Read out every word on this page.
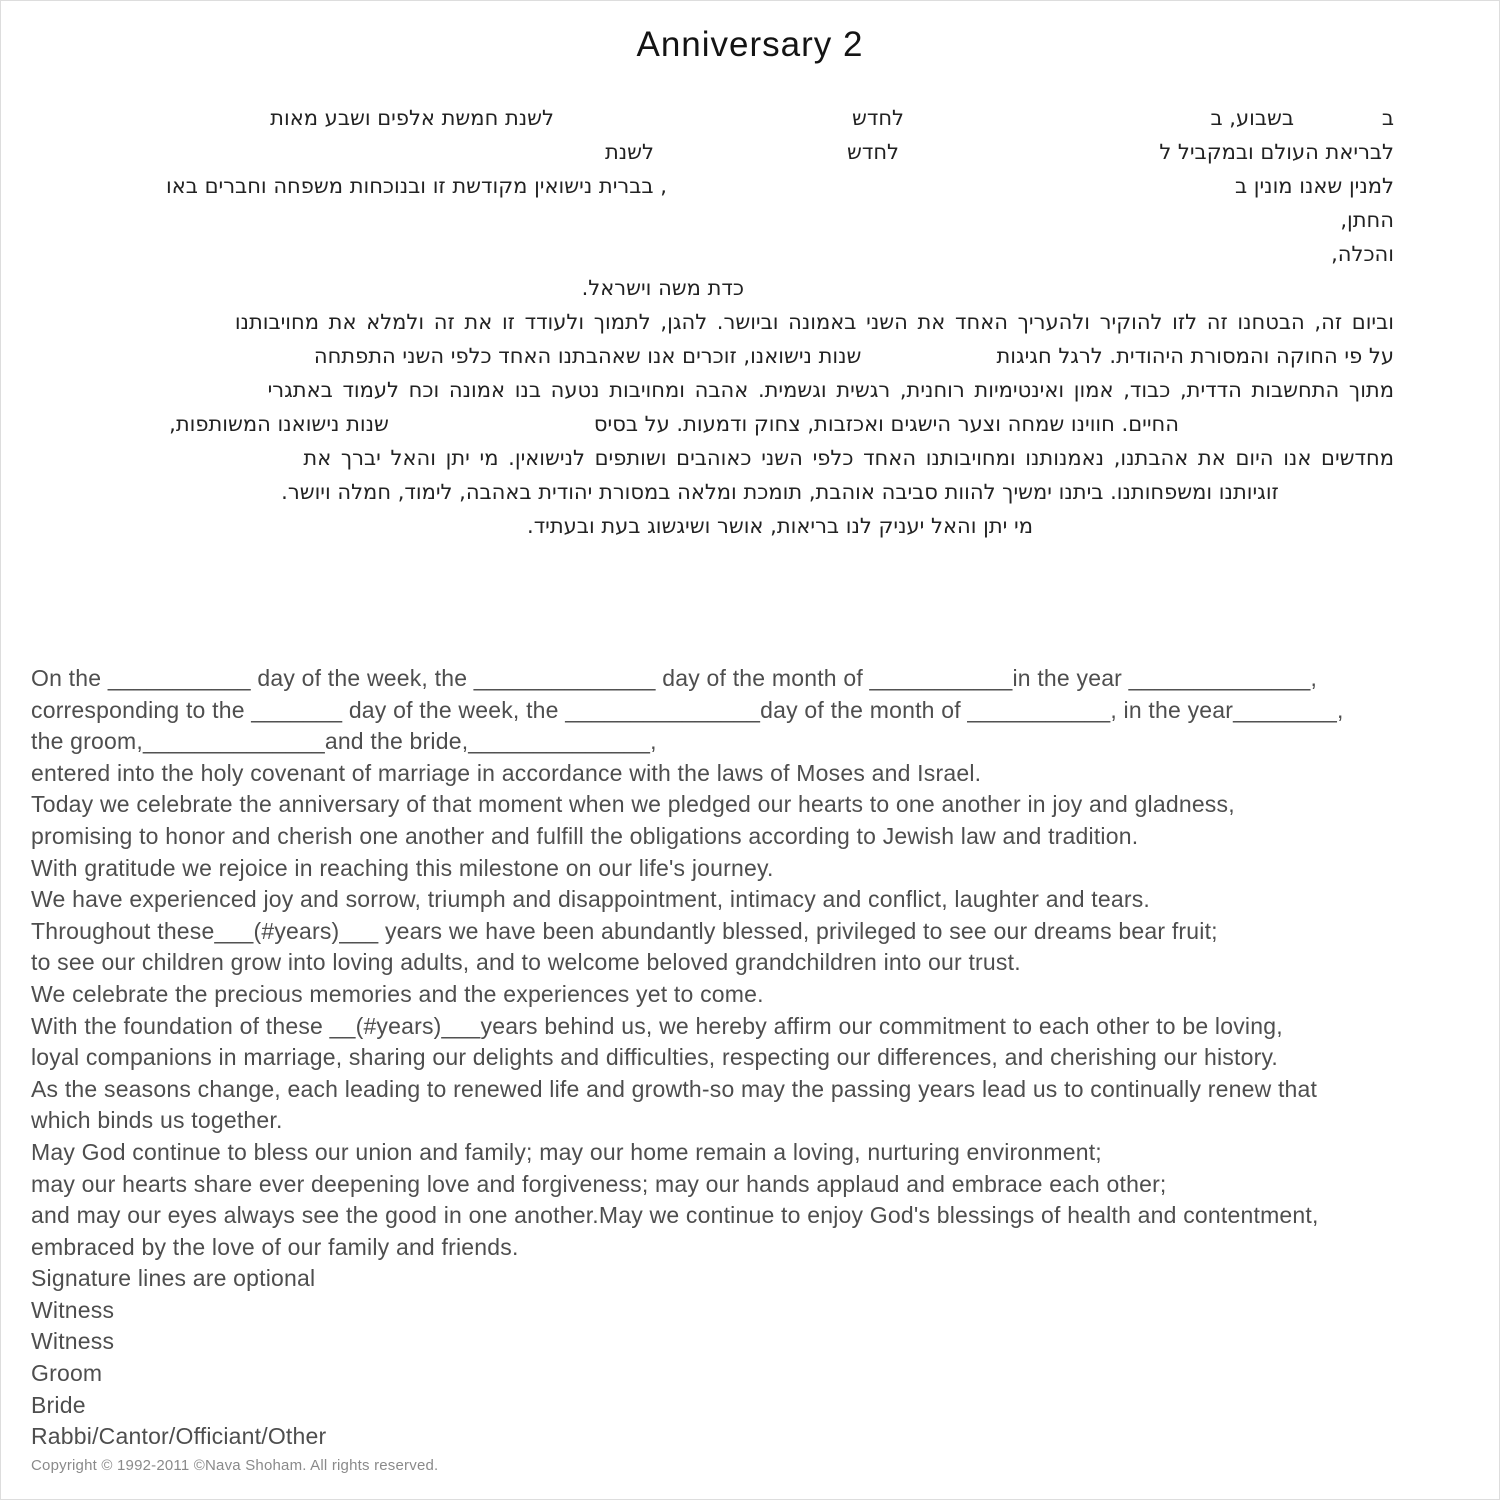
Anniversary 2
ב
בשבוע, ב
לחדש
לשנת חמשת אלפים ושבע מאות
לבריאת העולם ובמקביל ל
לחדש
לשנת
למנין שאנו מונין ב
, בברית נישואין מקודשת זו ובנוכחות משפחה וחברים באו
החתן,
והכלה,
כדת משה וישראל.
וביום זה, הבטחנו זה לזו להוקיר ולהעריך האחד את השני באמונה וביושר. להגן, לתמוך ולעודד זו את זה ולמלא את מחויבותנו
על פי החוקה והמסורת היהודית. לרגל חגיגותשנות נישואנו, זוכרים אנו שאהבתנו האחד כלפי השני התפתחה
מתוך התחשבות הדדית, כבוד, אמון ואינטימיות רוחנית, רגשית וגשמית. אהבה ומחויבות נטעה בנו אמונה וכח לעמוד באתגרי
החיים. חווינו שמחה וצער הישגים ואכזבות, צחוק ודמעות. על בסיסשנות נישואנו המשותפות,
מחדשים אנו היום את אהבתנו, נאמנותנו ומחויבותנו האחד כלפי השני כאוהבים ושותפים לנישואין. מי יתן והאל יברך את
זוגיותנו ומשפחותנו. ביתנו ימשיך להוות סביבה אוהבת, תומכת ומלאה במסורת יהודית באהבה, לימוד, חמלה ויושר.
מי יתן והאל יעניק לנו בריאות, אושר ושיגשוג בעת ובעתיד.
On the ___________ day of the week, the ______________ day of the month of ___________in the year ______________,
corresponding to the _______ day of the week, the _______________day of the month of ___________, in the year________,
the groom,______________and the bride,______________,
entered into the holy covenant of marriage in accordance with the laws of Moses and Israel.
Today we celebrate the anniversary of that moment when we pledged our hearts to one another in joy and gladness,
promising to honor and cherish one another and fulfill the obligations according to Jewish law and tradition.
With gratitude we rejoice in reaching this milestone on our life's journey.
We have experienced joy and sorrow, triumph and disappointment, intimacy and conflict, laughter and tears.
Throughout these___(#years)___ years we have been abundantly blessed, privileged to see our dreams bear fruit;
to see our children grow into loving adults, and to welcome beloved grandchildren into our trust.
We celebrate the precious memories and the experiences yet to come.
With the foundation of these __(#years)___years behind us, we hereby affirm our commitment to each other to be loving,
loyal companions in marriage, sharing our delights and difficulties, respecting our differences, and cherishing our history.
As the seasons change, each leading to renewed life and growth-so may the passing years lead us to continually renew that
which binds us together.
May God continue to bless our union and family; may our home remain a loving, nurturing environment;
may our hearts share ever deepening love and forgiveness; may our hands applaud and embrace each other;
and may our eyes always see the good in one another.May we continue to enjoy God's blessings of health and contentment,
embraced by the love of our family and friends.
Signature lines are optional
Witness
Witness
Groom
Bride
Rabbi/Cantor/Officiant/Other
Copyright © 1992-2011 ©Nava Shoham. All rights reserved.
